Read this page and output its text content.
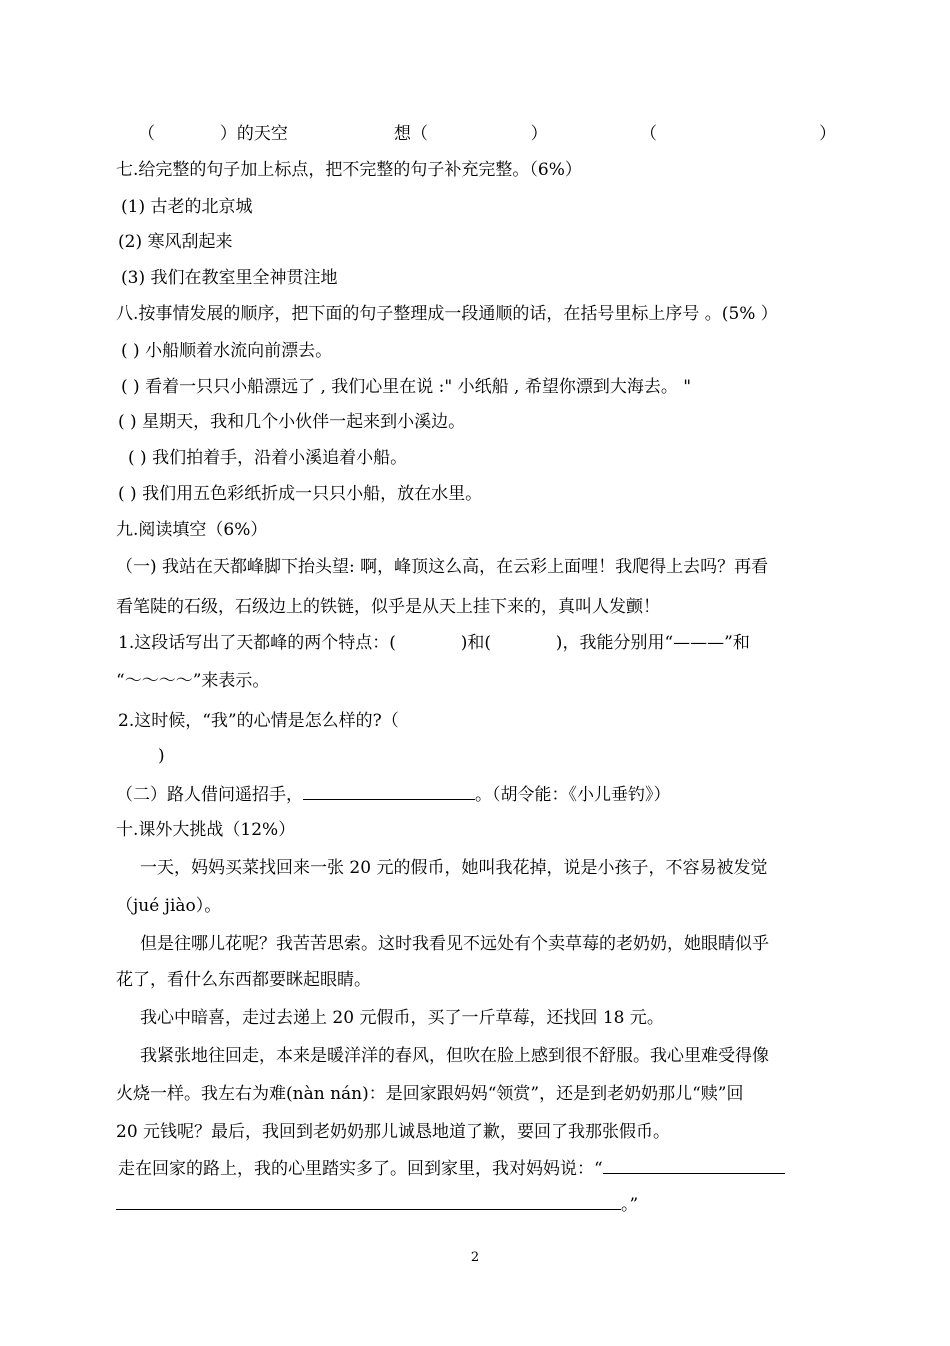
（            ）的天空	想（                   ）	（                              ）
七.给完整的句子加上标点，把不完整的句子补充完整。（6%）
(1) 古老的北京城
(2) 寒风刮起来
(3) 我们在教室里全神贯注地
八.按事情发展的顺序，把下面的句子整理成一段通顺的话，在括号里标上序号 。(5% ）
( ) 小船顺着水流向前漂去。
( ) 看着一只只小船漂远了 , 我们心里在说 :" 小纸船 , 希望你漂到大海去。 "
( ) 星期天，我和几个小伙伴一起来到小溪边。
( ) 我们拍着手，沿着小溪追着小船。
( ) 我们用五色彩纸折成一只只小船，放在水里。
九.阅读填空（6%）
（一) 我站在天都峰脚下抬头望: 啊，峰顶这么高，在云彩上面哩！我爬得上去吗？再看
看笔陡的石级，石级边上的铁链，似乎是从天上挂下来的，真叫人发颤！
1.这段话写出了天都峰的两个特点：(            )和(            )，我能分别用“———”和
“～～～～”来表示。
2.这时候，“我”的心情是怎么样的?（
)
（二）路人借问遥招手，	。（胡令能：《小儿垂钓》）
十.课外大挑战（12%）
一天，妈妈买菜找回来一张 20 元的假币，她叫我花掉，说是小孩子，不容易被发觉
（jué jiào）。
但是往哪儿花呢？我苦苦思索。这时我看见不远处有个卖草莓的老奶奶，她眼睛似乎
花了，看什么东西都要眯起眼睛。
我心中暗喜，走过去递上 20 元假币，买了一斤草莓，还找回 18 元。
我紧张地往回走，本来是暖洋洋的春风，但吹在脸上感到很不舒服。我心里难受得像
火烧一样。我左右为难(nàn nán)：是回家跟妈妈“领赏”，还是到老奶奶那儿“赎”回
20 元钱呢？最后，我回到老奶奶那儿诚恳地道了歉，要回了我那张假币。
走在回家的路上，我的心里踏实多了。回到家里，我对妈妈说：“
。”
2
